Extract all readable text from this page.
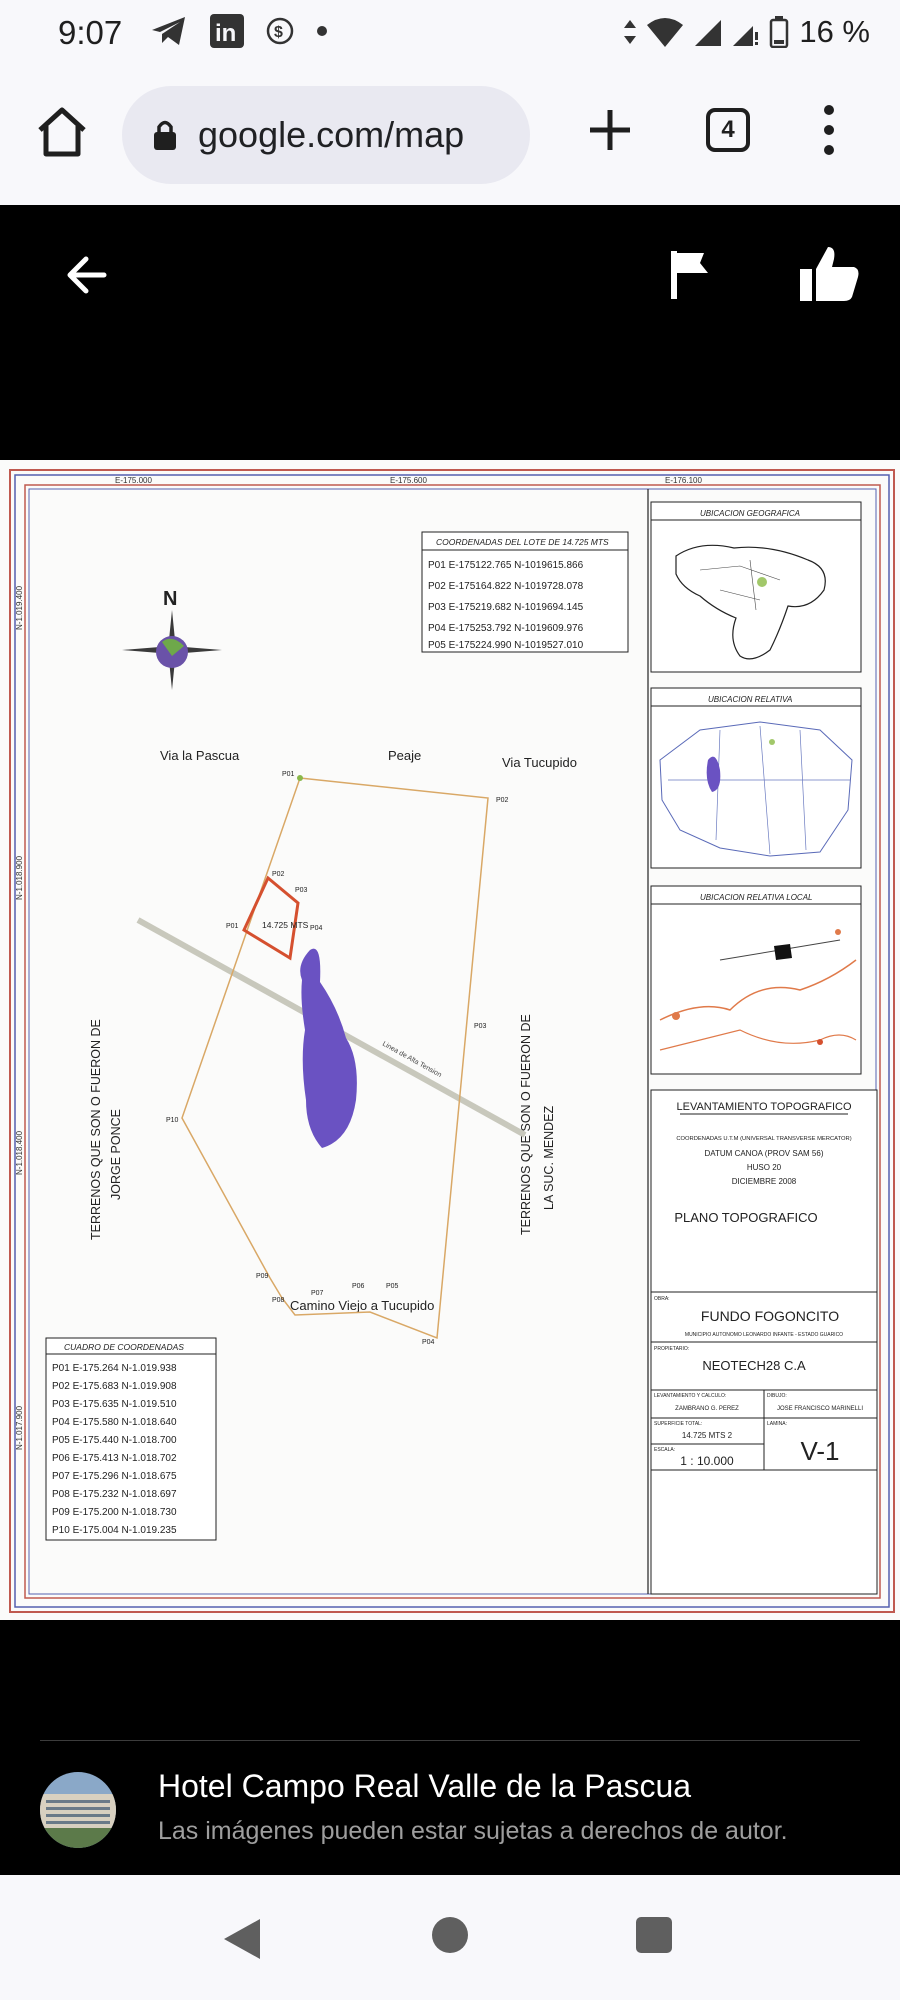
9:07	in $	16 %
google.com/map	4
E-175.000	E-175.600	E-176.100
N-1.019.400
N-1.018.900
N-1.018.400
N-1.017.900
N
COORDENADAS DEL LOTE DE 14.725 MTS
P01 E-175122.765 N-1019615.866
P02 E-175164.822 N-1019728.078
P03 E-175219.682 N-1019694.145
P04 E-175253.792 N-1019609.976
P05 E-175224.990 N-1019527.010
Via la Pascua	Peaje	Via Tucupido
Camino Viejo a Tucupido
TERRENOS QUE SON O FUERON DE JORGE PONCE	TERRENOS QUE SON O FUERON DE LA SUC. MENDEZ
Linea de Alta Tension
14.725 MTS
P01
P02
P02
P03
P01	P04
P03
P10
P09
P08
P07
P06	P05
P04
CUADRO DE COORDENADAS
P01 E-175.264 N-1.019.938
P02 E-175.683 N-1.019.908
P03 E-175.635 N-1.019.510
P04 E-175.580 N-1.018.640
P05 E-175.440 N-1.018.700
P06 E-175.413 N-1.018.702
P07 E-175.296 N-1.018.675
P08 E-175.232 N-1.018.697
P09 E-175.200 N-1.018.730
P10 E-175.004 N-1.019.235
UBICACION GEOGRAFICA
UBICACION RELATIVA
UBICACION RELATIVA LOCAL
LEVANTAMIENTO TOPOGRAFICO
COORDENADAS U.T.M (UNIVERSAL TRANSVERSE MERCATOR)
DATUM CANOA (PROV SAM 56)
HUSO 20
DICIEMBRE 2008
PLANO TOPOGRAFICO
OBRA:
FUNDO FOGONCITO
MUNICIPIO AUTONOMO LEONARDO INFANTE - ESTADO GUARICO
PROPIETARIO:
NEOTECH28 C.A
LEVANTAMIENTO Y CALCULO:
ZAMBRANO G. PEREZ
DIBUJO:
JOSE FRANCISCO MARINELLI
SUPERFICIE TOTAL:
14.725 MTS 2
ESCALA:
1 : 10.000
LAMINA:
V-1
Hotel Campo Real Valle de la Pascua
Las imágenes pueden estar sujetas a derechos de autor.
